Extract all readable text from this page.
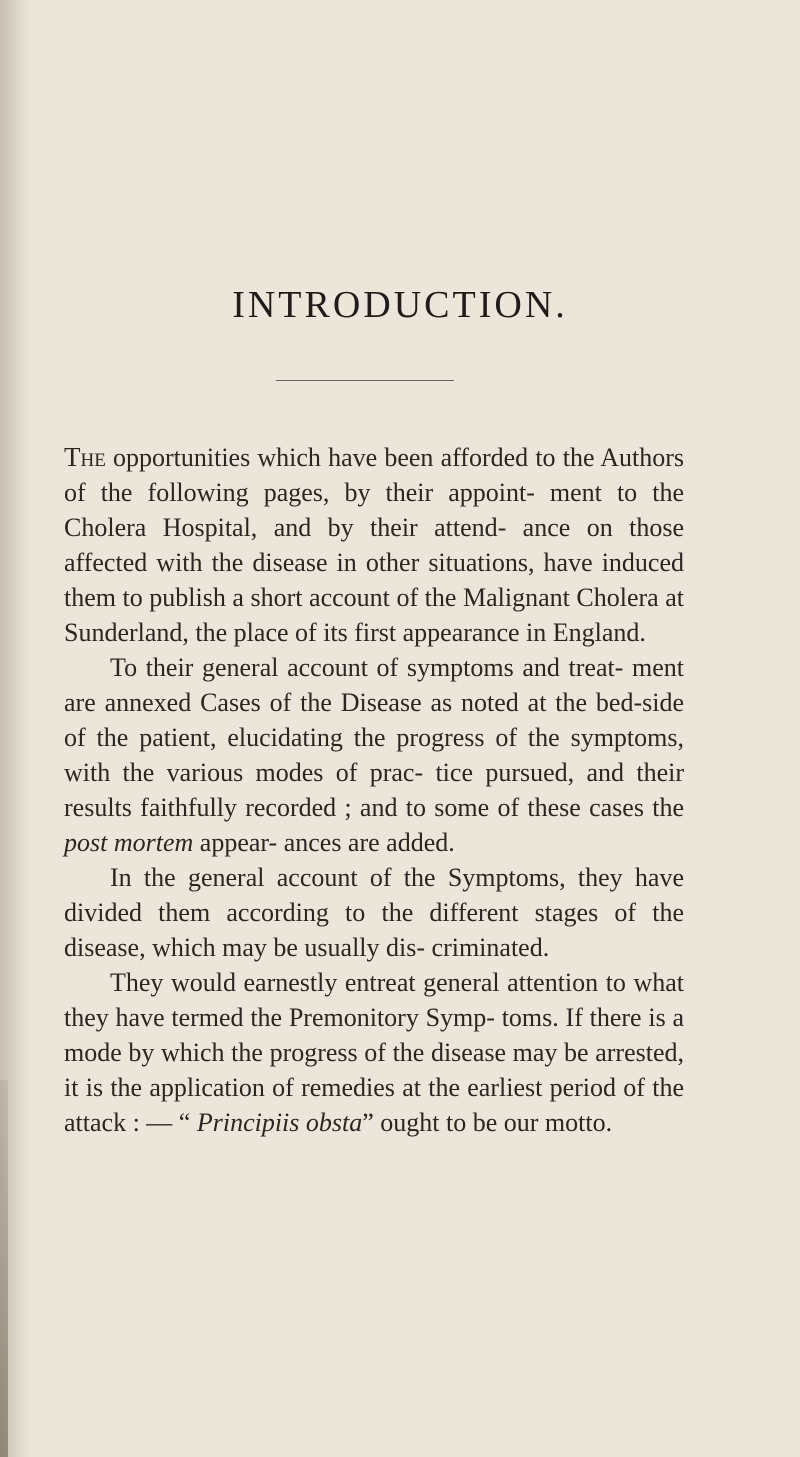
INTRODUCTION.

The opportunities which have been afforded to the Authors of the following pages, by their appoint- ment to the Cholera Hospital, and by their attend- ance on those affected with the disease in other situations, have induced them to publish a short account of the Malignant Cholera at Sunderland, the place of its first appearance in England.

To their general account of symptoms and treat- ment are annexed Cases of the Disease as noted at the bed-side of the patient, elucidating the progress of the symptoms, with the various modes of prac- tice pursued, and their results faithfully recorded ; and to some of these cases the post mortem appear- ances are added.

In the general account of the Symptoms, they have divided them according to the different stages of the disease, which may be usually dis- criminated.

They would earnestly entreat general attention to what they have termed the Premonitory Symp- toms. If there is a mode by which the progress of the disease may be arrested, it is the application of remedies at the earliest period of the attack : — “ Principiis obsta” ought to be our motto.
